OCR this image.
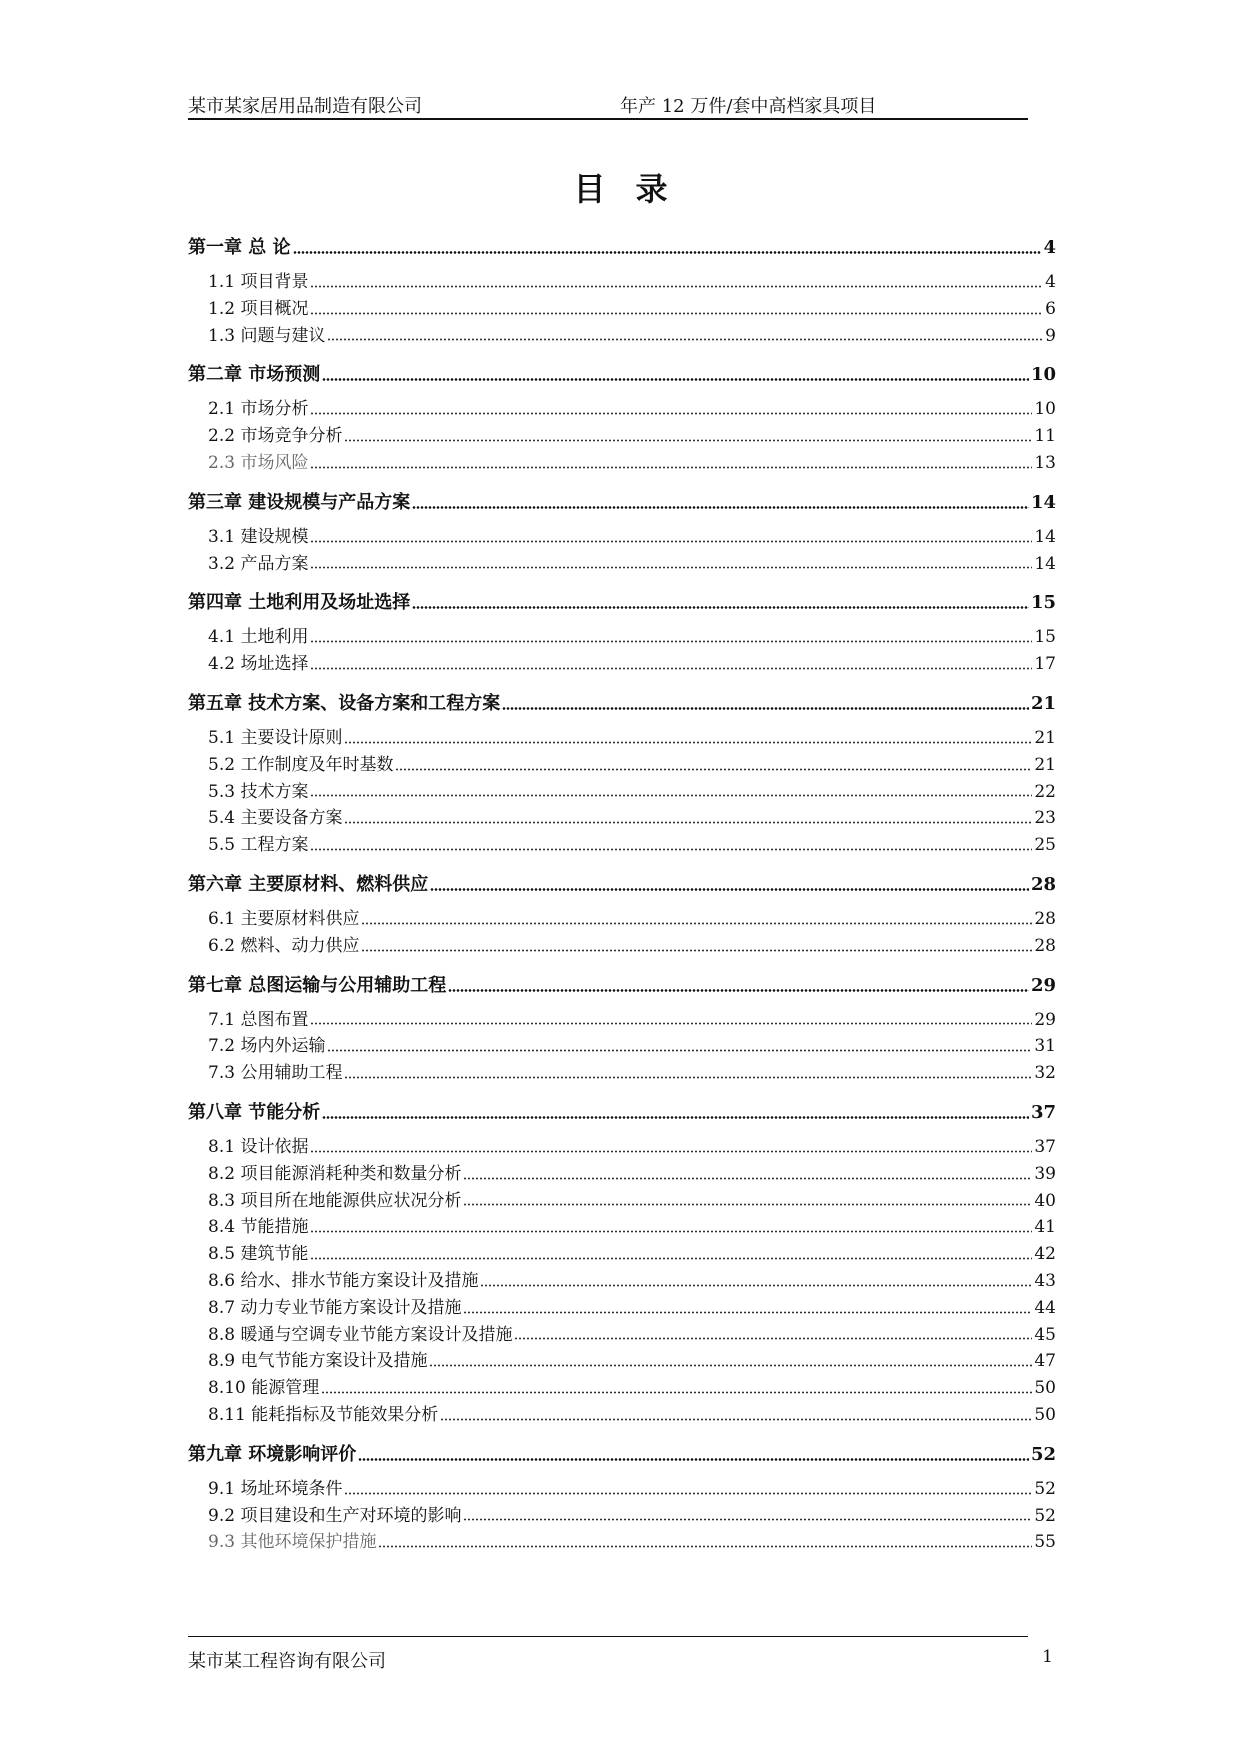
某市某家居用品制造有限公司	年产 12 万件/套中高档家具项目
目录
第一章 总 论	4
1.1 项目背景	4
1.2 项目概况	6
1.3 问题与建议	9
第二章 市场预测	10
2.1 市场分析	10
2.2 市场竞争分析	11
2.3 市场风险	13
第三章 建设规模与产品方案	14
3.1 建设规模	14
3.2 产品方案	14
第四章 土地利用及场址选择	15
4.1 土地利用	15
4.2 场址选择	17
第五章 技术方案、设备方案和工程方案	21
5.1 主要设计原则	21
5.2 工作制度及年时基数	21
5.3 技术方案	22
5.4 主要设备方案	23
5.5 工程方案	25
第六章 主要原材料、燃料供应	28
6.1 主要原材料供应	28
6.2 燃料、动力供应	28
第七章 总图运输与公用辅助工程	29
7.1 总图布置	29
7.2 场内外运输	31
7.3 公用辅助工程	32
第八章 节能分析	37
8.1 设计依据	37
8.2 项目能源消耗种类和数量分析	39
8.3 项目所在地能源供应状况分析	40
8.4 节能措施	41
8.5 建筑节能	42
8.6 给水、排水节能方案设计及措施	43
8.7 动力专业节能方案设计及措施	44
8.8 暖通与空调专业节能方案设计及措施	45
8.9 电气节能方案设计及措施	47
8.10 能源管理	50
8.11 能耗指标及节能效果分析	50
第九章 环境影响评价	52
9.1 场址环境条件	52
9.2 项目建设和生产对环境的影响	52
9.3 其他环境保护措施	55
某市某工程咨询有限公司	1
